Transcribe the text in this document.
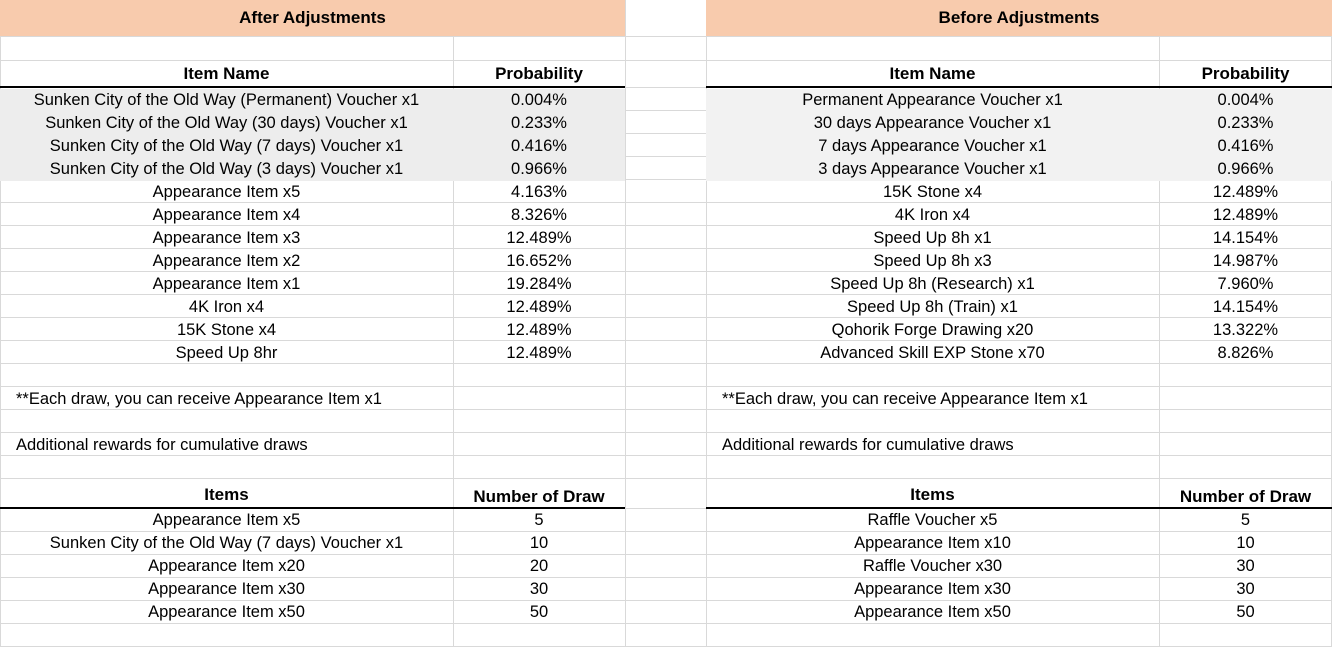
After Adjustments
Item Name	Probability
Sunken City of the Old Way (Permanent) Voucher x1	0.004%
Sunken City of the Old Way (30 days) Voucher x1	0.233%
Sunken City of the Old Way (7 days) Voucher x1	0.416%
Sunken City of the Old Way (3 days) Voucher x1	0.966%
Appearance Item x5	4.163%
Appearance Item x4	8.326%
Appearance Item x3	12.489%
Appearance Item x2	16.652%
Appearance Item x1	19.284%
4K Iron x4	12.489%
15K Stone x4	12.489%
Speed Up 8hr	12.489%
**Each draw, you can receive Appearance Item x1
Additional rewards for cumulative draws
Items	Number of Draw
Appearance Item x5	5
Sunken City of the Old Way (7 days) Voucher x1	10
Appearance Item x20	20
Appearance Item x30	30
Appearance Item x50	50
Before Adjustments
Item Name	Probability
Permanent Appearance Voucher x1	0.004%
30 days Appearance Voucher x1	0.233%
7 days Appearance Voucher x1	0.416%
3 days Appearance Voucher x1	0.966%
15K Stone x4	12.489%
4K Iron x4	12.489%
Speed Up 8h x1	14.154%
Speed Up 8h x3	14.987%
Speed Up 8h (Research) x1	7.960%
Speed Up 8h (Train) x1	14.154%
Qohorik Forge Drawing x20	13.322%
Advanced Skill EXP Stone x70	8.826%
**Each draw, you can receive Appearance Item x1
Additional rewards for cumulative draws
Items	Number of Draw
Raffle Voucher x5	5
Appearance Item x10	10
Raffle Voucher x30	30
Appearance Item x30	30
Appearance Item x50	50
